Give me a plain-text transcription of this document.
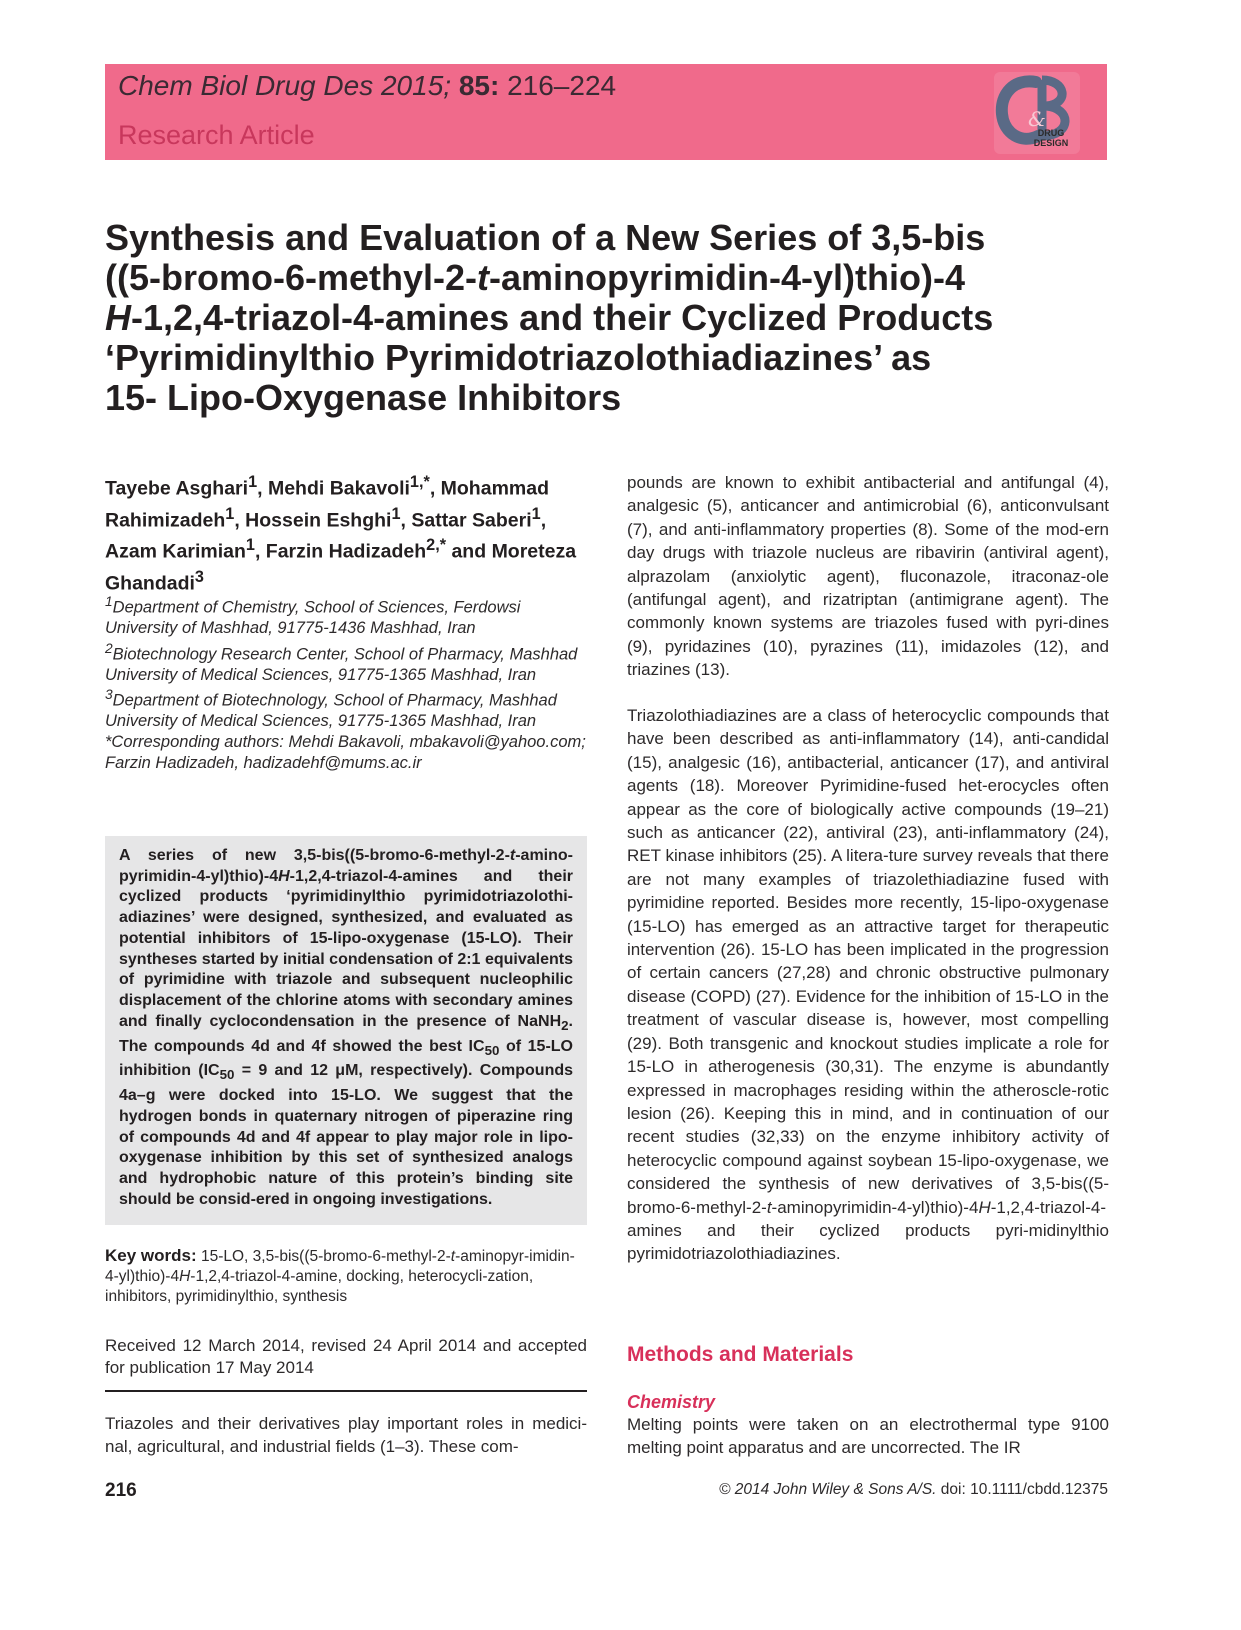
Chem Biol Drug Des 2015; 85: 216–224
Research Article
&
DRUG
DESIGN
Synthesis and Evaluation of a New Series of 3,5-bis
((5-bromo-6-methyl-2-t-aminopyrimidin-4-yl)thio)-4
H-1,2,4-triazol-4-amines and their Cyclized Products
‘Pyrimidinylthio Pyrimidotriazolothiadiazines’ as
15- Lipo-Oxygenase Inhibitors

Tayebe Asghari$^1$, Mehdi Bakavoli$^{1,*}$, Mohammad Rahimizadeh$^1$, Hossein Eshghi$^1$, Sattar Saberi$^1$, Azam Karimian$^1$, Farzin Hadizadeh$^{2,*}$ and Moreteza Ghandadi$^3$

$^1$Department of Chemistry, School of Sciences, Ferdowsi University of Mashhad, 91775-1436 Mashhad, Iran
$^2$Biotechnology Research Center, School of Pharmacy, Mashhad University of Medical Sciences, 91775-1365 Mashhad, Iran
$^3$Department of Biotechnology, School of Pharmacy, Mashhad University of Medical Sciences, 91775-1365 Mashhad, Iran
*Corresponding authors: Mehdi Bakavoli, mbakavoli@yahoo.com; Farzin Hadizadeh, hadizadehf@mums.ac.ir

A series of new 3,5-bis((5-bromo-6-methyl-2-t-amino-pyrimidin-4-yl)thio)-4H-1,2,4-triazol-4-amines and their cyclized products ‘pyrimidinylthio pyrimidotriazolothi-adiazines’ were designed, synthesized, and evaluated as potential inhibitors of 15-lipo-oxygenase (15-LO). Their syntheses started by initial condensation of 2:1 equivalents of pyrimidine with triazole and subsequent nucleophilic displacement of the chlorine atoms with secondary amines and finally cyclocondensation in the presence of NaNH$_2$. The compounds 4d and 4f showed the best $IC_{50}$ of 15-LO inhibition ($IC_{50} = 9$ and 12 μM, respectively). Compounds 4a–g were docked into 15-LO. We suggest that the hydrogen bonds in quaternary nitrogen of piperazine ring of compounds 4d and 4f appear to play major role in lipo-oxygenase inhibition by this set of synthesized analogs and hydrophobic nature of this protein’s binding site should be consid-ered in ongoing investigations.

Key words: 15-LO, 3,5-bis((5-bromo-6-methyl-2-t-aminopyr-imidin-4-yl)thio)-4H-1,2,4-triazol-4-amine, docking, heterocycli-zation, inhibitors, pyrimidinylthio, synthesis

Received 12 March 2014, revised 24 April 2014 and accepted for publication 17 May 2014

Triazoles and their derivatives play important roles in medici-nal, agricultural, and industrial fields (1–3). These com-

pounds are known to exhibit antibacterial and antifungal (4), analgesic (5), anticancer and antimicrobial (6), anticonvulsant (7), and anti-inflammatory properties (8). Some of the mod-ern day drugs with triazole nucleus are ribavirin (antiviral agent), alprazolam (anxiolytic agent), fluconazole, itraconaz-ole (antifungal agent), and rizatriptan (antimigrane agent). The commonly known systems are triazoles fused with pyri-dines (9), pyridazines (10), pyrazines (11), imidazoles (12), and triazines (13).

Triazolothiadiazines are a class of heterocyclic compounds that have been described as anti-inflammatory (14), anti-candidal (15), analgesic (16), antibacterial, anticancer (17), and antiviral agents (18). Moreover Pyrimidine-fused het-erocycles often appear as the core of biologically active compounds (19–21) such as anticancer (22), antiviral (23), anti-inflammatory (24), RET kinase inhibitors (25). A litera-ture survey reveals that there are not many examples of triazolethiadiazine fused with pyrimidine reported. Besides more recently, 15-lipo-oxygenase (15-LO) has emerged as an attractive target for therapeutic intervention (26). 15-LO has been implicated in the progression of certain cancers (27,28) and chronic obstructive pulmonary disease (COPD) (27). Evidence for the inhibition of 15-LO in the treatment of vascular disease is, however, most compelling (29). Both transgenic and knockout studies implicate a role for 15-LO in atherogenesis (30,31). The enzyme is abundantly expressed in macrophages residing within the atheroscle-rotic lesion (26). Keeping this in mind, and in continuation of our recent studies (32,33) on the enzyme inhibitory activity of heterocyclic compound against soybean 15-lipo-oxygenase, we considered the synthesis of new derivatives of 3,5-bis((5-bromo-6-methyl-2-t-aminopyrimidin-4-yl)thio)-4H-1,2,4-triazol-4-amines and their cyclized products pyri-midinylthio pyrimidotriazolothiadiazines.

Methods and Materials
Chemistry

Melting points were taken on an electrothermal type 9100 melting point apparatus and are uncorrected. The IR

216	© 2014 John Wiley & Sons A/S. doi: 10.1111/cbdd.12375
